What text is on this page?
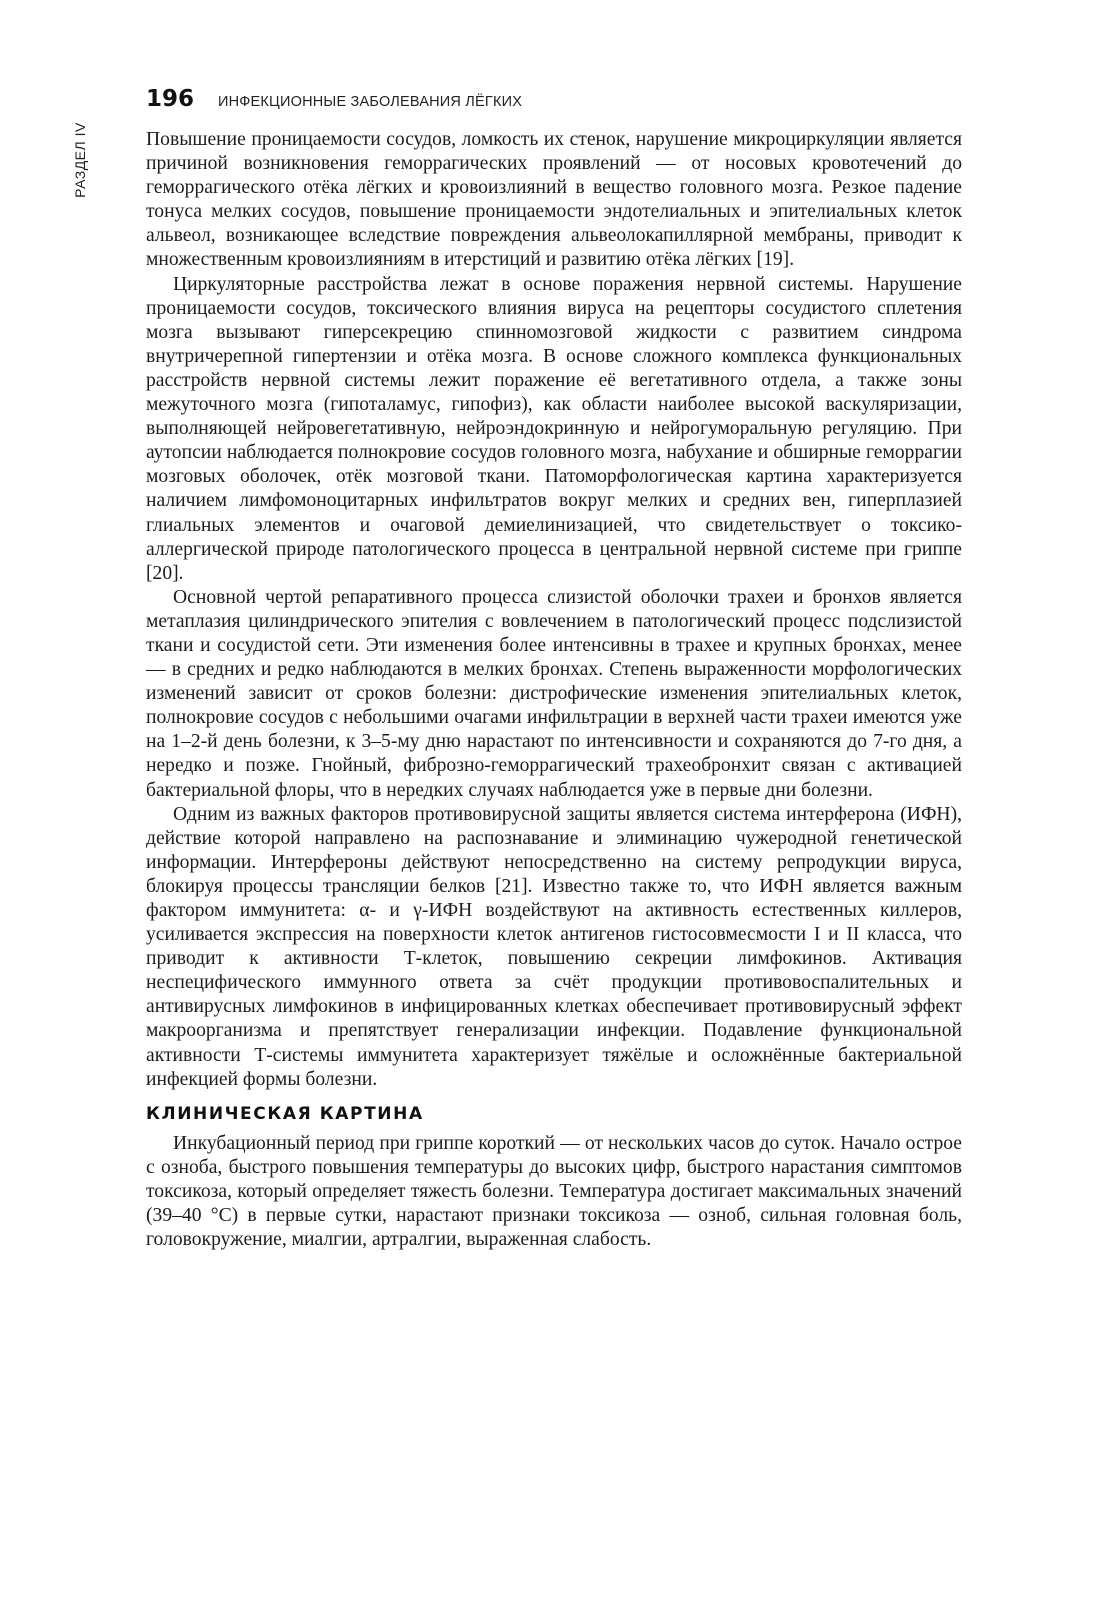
РАЗДЕЛ IV
196 ИНФЕКЦИОННЫЕ ЗАБОЛЕВАНИЯ ЛЁГКИХ

Повышение проницаемости сосудов, ломкость их стенок, нарушение микроциркуляции является причиной возникновения геморрагических проявлений — от носовых кровотечений до геморрагического отёка лёгких и кровоизлияний в вещество головного мозга. Резкое падение тонуса мелких сосудов, повышение проницаемости эндотелиальных и эпителиальных клеток альвеол, возникающее вследствие повреждения альвеолокапиллярной мембраны, приводит к множественным кровоизлияниям в итерстиций и развитию отёка лёгких [19].

Циркуляторные расстройства лежат в основе поражения нервной системы. Нарушение проницаемости сосудов, токсического влияния вируса на рецепторы сосудистого сплетения мозга вызывают гиперсекрецию спинномозговой жидкости с развитием синдрома внутричерепной гипертензии и отёка мозга. В основе сложного комплекса функциональных расстройств нервной системы лежит поражение её вегетативного отдела, а также зоны межуточного мозга (гипоталамус, гипофиз), как области наиболее высокой васкуляризации, выполняющей нейровегетативную, нейроэндокринную и нейрогуморальную регуляцию. При аутопсии наблюдается полнокровие сосудов головного мозга, набухание и обширные геморрагии мозговых оболочек, отёк мозговой ткани. Патоморфологическая картина характеризуется наличием лимфомоноцитарных инфильтратов вокруг мелких и средних вен, гиперплазией глиальных элементов и очаговой демиелинизацией, что свидетельствует о токсико-аллергической природе патологического процесса в центральной нервной системе при гриппе [20].

Основной чертой репаративного процесса слизистой оболочки трахеи и бронхов является метаплазия цилиндрического эпителия с вовлечением в патологический процесс подслизистой ткани и сосудистой сети. Эти изменения более интенсивны в трахее и крупных бронхах, менее — в средних и редко наблюдаются в мелких бронхах. Степень выраженности морфологических изменений зависит от сроков болезни: дистрофические изменения эпителиальных клеток, полнокровие сосудов с небольшими очагами инфильтрации в верхней части трахеи имеются уже на 1–2-й день болезни, к 3–5-му дню нарастают по интенсивности и сохраняются до 7-го дня, а нередко и позже. Гнойный, фиброзно-геморрагический трахеобронхит связан с активацией бактериальной флоры, что в нередких случаях наблюдается уже в первые дни болезни.

Одним из важных факторов противовирусной защиты является система интерферона (ИФН), действие которой направлено на распознавание и элиминацию чужеродной генетической информации. Интерфероны действуют непосредственно на систему репродукции вируса, блокируя процессы трансляции белков [21]. Известно также то, что ИФН является важным фактором иммунитета: α- и γ-ИФН воздействуют на активность естественных киллеров, усиливается экспрессия на поверхности клеток антигенов гистосовмесмости I и II класса, что приводит к активности Т-клеток, повышению секреции лимфокинов. Активация неспецифического иммунного ответа за счёт продукции противовоспалительных и антивирусных лимфокинов в инфицированных клетках обеспечивает противовирусный эффект макроорганизма и препятствует генерализации инфекции. Подавление функциональной активности Т-системы иммунитета характеризует тяжёлые и осложнённые бактериальной инфекцией формы болезни.

КЛИНИЧЕСКАЯ КАРТИНА

Инкубационный период при гриппе короткий — от нескольких часов до суток. Начало острое с озноба, быстрого повышения температуры до высоких цифр, быстрого нарастания симптомов токсикоза, который определяет тяжесть болезни. Температура достигает максимальных значений (39–40 °C) в первые сутки, нарастают признаки токсикоза — озноб, сильная головная боль, головокружение, миалгии, артралгии, выраженная слабость.
